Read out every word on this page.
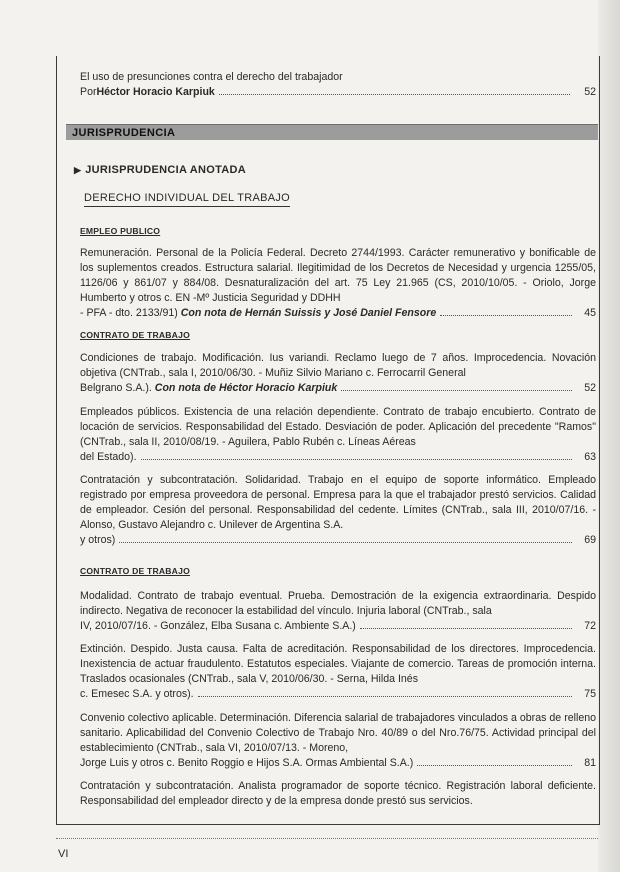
El uso de presunciones contra el derecho del trabajador
Por Héctor Horacio Karpiuk	52
JURISPRUDENCIA
▶ JURISPRUDENCIA ANOTADA
DERECHO INDIVIDUAL DEL TRABAJO
EMPLEO PUBLICO
Remuneración. Personal de la Policía Federal. Decreto 2744/1993. Carácter remunerativo y bonificable de los suplementos creados. Estructura salarial. Ilegitimidad de los Decretos de Necesidad y urgencia 1255/05, 1126/06 y 861/07 y 884/08. Desnaturalización del art. 75 Ley 21.965 (CS, 2010/10/05. - Oriolo, Jorge Humberto y otros c. EN -Mº Justicia Seguridad y DDHH
- PFA - dto. 2133/91) Con nota de Hernán Suissis y José Daniel Fensore	45
CONTRATO DE TRABAJO
Condiciones de trabajo. Modificación. Ius variandi. Reclamo luego de 7 años. Improcedencia. Novación objetiva (CNTrab., sala I, 2010/06/30. - Muñiz Silvio Mariano c. Ferrocarril General
Belgrano S.A.). Con nota de Héctor Horacio Karpiuk	52
Empleados públicos. Existencia de una relación dependiente. Contrato de trabajo encubierto. Contrato de locación de servicios. Responsabilidad del Estado. Desviación de poder. Aplicación del precedente "Ramos" (CNTrab., sala II, 2010/08/19. - Aguilera, Pablo Rubén c. Líneas Aéreas
del Estado).	63
Contratación y subcontratación. Solidaridad. Trabajo en el equipo de soporte informático. Empleado registrado por empresa proveedora de personal. Empresa para la que el trabajador prestó servicios. Calidad de empleador. Cesión del personal. Responsabilidad del cedente. Límites (CNTrab., sala III, 2010/07/16. - Alonso, Gustavo Alejandro c. Unilever de Argentina S.A.
y otros)	69
CONTRATO DE TRABAJO
Modalidad. Contrato de trabajo eventual. Prueba. Demostración de la exigencia extraordinaria. Despido indirecto. Negativa de reconocer la estabilidad del vínculo. Injuria laboral (CNTrab., sala
IV, 2010/07/16. - González, Elba Susana c. Ambiente S.A.)	72
Extinción. Despido. Justa causa. Falta de acreditación. Responsabilidad de los directores. Improcedencia. Inexistencia de actuar fraudulento. Estatutos especiales. Viajante de comercio. Tareas de promoción interna. Traslados ocasionales (CNTrab., sala V, 2010/06/30. - Serna, Hilda Inés
c. Emesec S.A. y otros).	75
Convenio colectivo aplicable. Determinación. Diferencia salarial de trabajadores vinculados a obras de relleno sanitario. Aplicabilidad del Convenio Colectivo de Trabajo Nro. 40/89 o del Nro.76/75. Actividad principal del establecimiento (CNTrab., sala VI, 2010/07/13. - Moreno,
Jorge Luis y otros c. Benito Roggio e Hijos S.A. Ormas Ambiental S.A.)	81
Contratación y subcontratación. Analista programador de soporte técnico. Registración laboral deficiente. Responsabilidad del empleador directo y de la empresa donde prestó sus servicios.
VI
